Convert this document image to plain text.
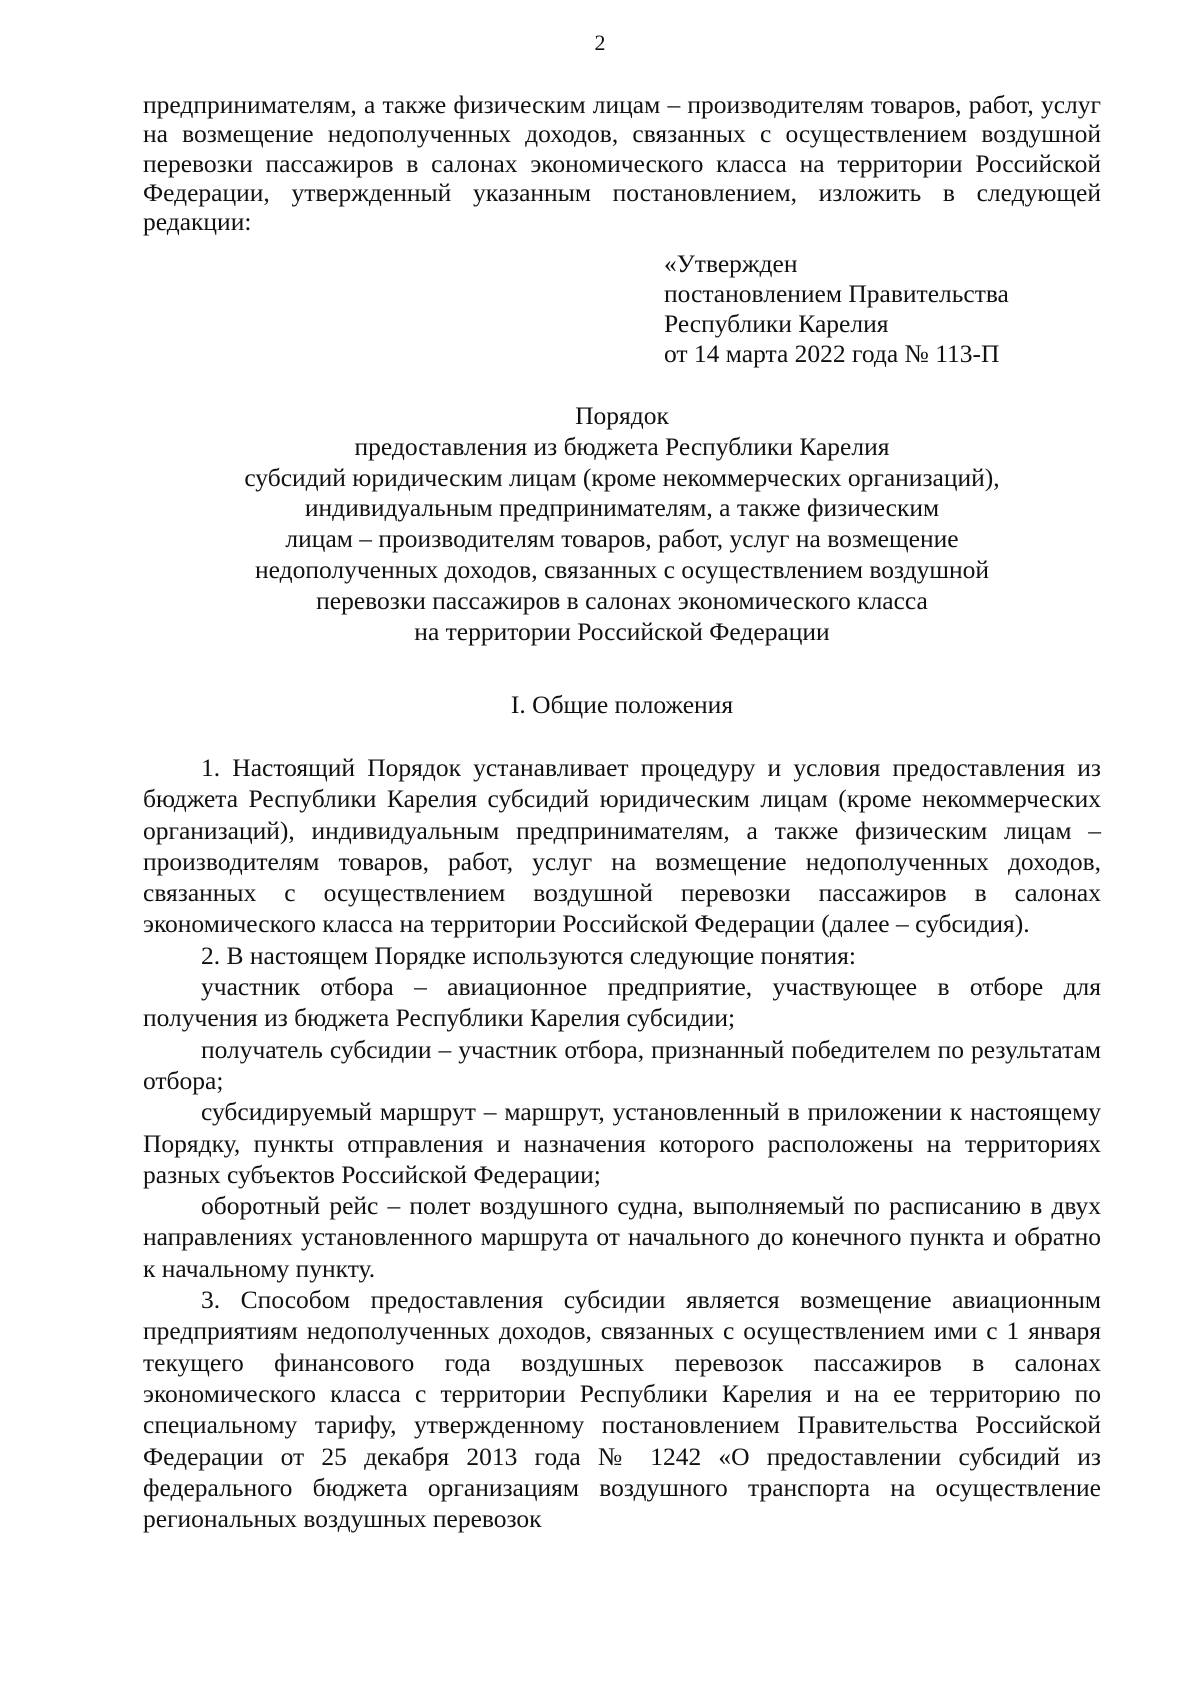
2

предпринимателям, а также физическим лицам – производителям товаров, работ, услуг на возмещение недополученных доходов, связанных с осуществлением воздушной перевозки пассажиров в салонах экономического класса на территории Российской Федерации, утвержденный указанным постановлением, изложить в следующей редакции:

«Утвержден
постановлением Правительства
Республики Карелия
от 14 марта 2022 года № 113-П
Порядок
предоставления из бюджета Республики Карелия
субсидий юридическим лицам (кроме некоммерческих организаций),
индивидуальным предпринимателям, а также физическим
лицам – производителям товаров, работ, услуг на возмещение
недополученных доходов, связанных с осуществлением воздушной
перевозки пассажиров в салонах экономического класса
на территории Российской Федерации
I. Общие положения

1. Настоящий Порядок устанавливает процедуру и условия предоставления из бюджета Республики Карелия субсидий юридическим лицам (кроме некоммерческих организаций), индивидуальным предпринимателям, а также физическим лицам – производителям товаров, работ, услуг на возмещение недополученных доходов, связанных с осуществлением воздушной перевозки пассажиров в салонах экономического класса на территории Российской Федерации (далее – субсидия).

2. В настоящем Порядке используются следующие понятия:

участник отбора – авиационное предприятие, участвующее в отборе для получения из бюджета Республики Карелия субсидии;

получатель субсидии – участник отбора, признанный победителем по результатам отбора;

субсидируемый маршрут – маршрут, установленный в приложении к настоящему Порядку, пункты отправления и назначения которого расположены на территориях разных субъектов Российской Федерации;

оборотный рейс – полет воздушного судна, выполняемый по расписанию в двух направлениях установленного маршрута от начального до конечного пункта и обратно к начальному пункту.

3. Способом предоставления субсидии является возмещение авиационным предприятиям недополученных доходов, связанных с осуществлением ими с 1 января текущего финансового года воздушных перевозок пассажиров в салонах экономического класса с территории Республики Карелия и на ее территорию по специальному тарифу, утвержденному постановлением Правительства Российской Федерации от 25 декабря 2013 года № 1242 «О предоставлении субсидий из федерального бюджета организациям воздушного транспорта на осуществление региональных воздушных перевозок
